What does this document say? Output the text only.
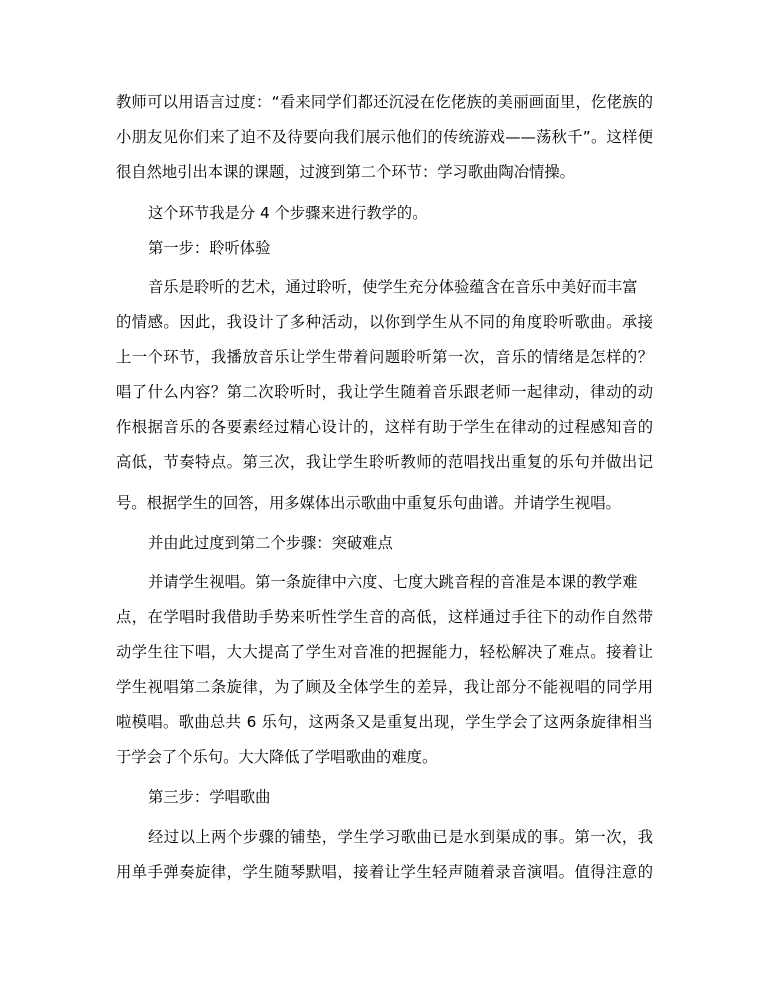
教师可以用语言过度：“看来同学们都还沉浸在仡佬族的美丽画面里，仡佬族的
小朋友见你们来了迫不及待要向我们展示他们的传统游戏——荡秋千”。这样便
很自然地引出本课的课题，过渡到第二个环节：学习歌曲陶冶情操。
这个环节我是分 4 个步骤来进行教学的。
第一步：聆听体验
音乐是聆听的艺术，通过聆听，使学生充分体验蕴含在音乐中美好而丰富
的情感。因此，我设计了多种活动，以你到学生从不同的角度聆听歌曲。承接
上一个环节，我播放音乐让学生带着问题聆听第一次，音乐的情绪是怎样的？
唱了什么内容？第二次聆听时，我让学生随着音乐跟老师一起律动，律动的动
作根据音乐的各要素经过精心设计的，这样有助于学生在律动的过程感知音的
高低，节奏特点。第三次，我让学生聆听教师的范唱找出重复的乐句并做出记
号。根据学生的回答，用多媒体出示歌曲中重复乐句曲谱。并请学生视唱。
并由此过度到第二个步骤：突破难点
并请学生视唱。第一条旋律中六度、七度大跳音程的音准是本课的教学难
点，在学唱时我借助手势来听性学生音的高低，这样通过手往下的动作自然带
动学生往下唱，大大提高了学生对音准的把握能力，轻松解决了难点。接着让
学生视唱第二条旋律，为了顾及全体学生的差异，我让部分不能视唱的同学用
啦模唱。歌曲总共 6 乐句，这两条又是重复出现，学生学会了这两条旋律相当
于学会了个乐句。大大降低了学唱歌曲的难度。
第三步：学唱歌曲
经过以上两个步骤的铺垫，学生学习歌曲已是水到渠成的事。第一次，我
用单手弹奏旋律，学生随琴默唱，接着让学生轻声随着录音演唱。值得注意的
